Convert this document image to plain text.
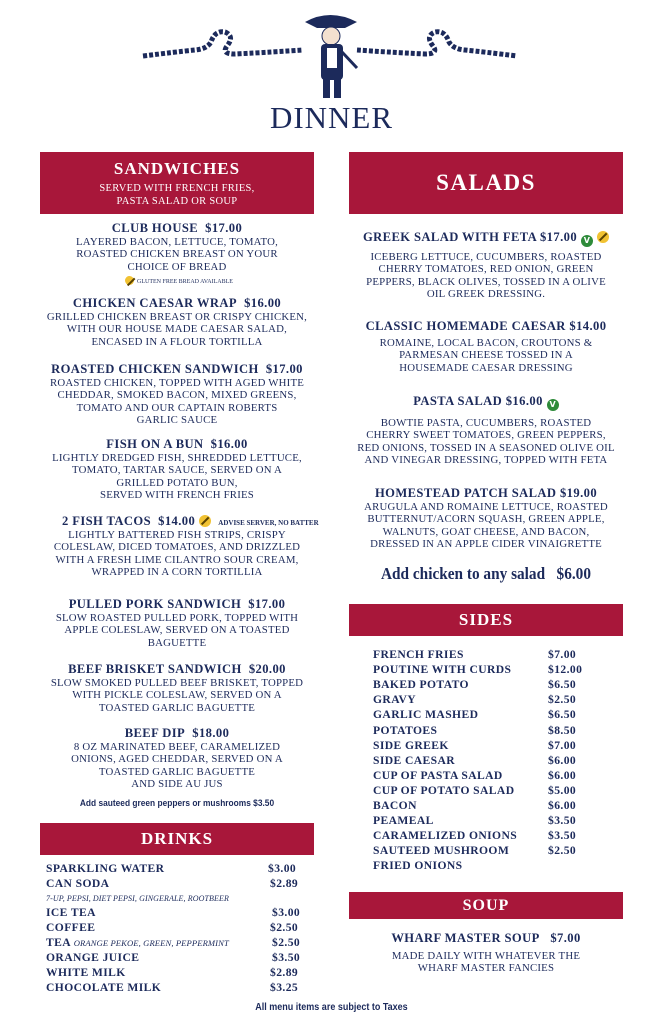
DINNER
SANDWICHES
SERVED WITH FRENCH FRIES,
PASTA SALAD OR SOUP
CLUB HOUSE $17.00
LAYERED BACON, LETTUCE, TOMATO,
ROASTED CHICKEN BREAST ON YOUR
CHOICE OF BREAD
GLUTEN FREE BREAD AVAILABLE
CHICKEN CAESAR WRAP $16.00
GRILLED CHICKEN BREAST OR CRISPY CHICKEN,
WITH OUR HOUSE MADE CAESAR SALAD,
ENCASED IN A FLOUR TORTILLA
ROASTED CHICKEN SANDWICH $17.00
ROASTED CHICKEN, TOPPED WITH AGED WHITE
CHEDDAR, SMOKED BACON, MIXED GREENS,
TOMATO AND OUR CAPTAIN ROBERTS
GARLIC SAUCE
FISH ON A BUN $16.00
LIGHTLY DREDGED FISH, SHREDDED LETTUCE,
TOMATO, TARTAR SAUCE, SERVED ON A
GRILLED POTATO BUN,
SERVED WITH FRENCH FRIES
2 FISH TACOS $14.00	ADVISE SERVER, NO BATTER
LIGHTLY BATTERED FISH STRIPS, CRISPY
COLESLAW, DICED TOMATOES, AND DRIZZLED
WITH A FRESH LIME CILANTRO SOUR CREAM,
WRAPPED IN A CORN TORTILLIA
PULLED PORK SANDWICH $17.00
SLOW ROASTED PULLED PORK, TOPPED WITH
APPLE COLESLAW, SERVED ON A TOASTED
BAGUETTE
BEEF BRISKET SANDWICH $20.00
SLOW SMOKED PULLED BEEF BRISKET, TOPPED
WITH PICKLE COLESLAW, SERVED ON A
TOASTED GARLIC BAGUETTE
BEEF DIP $18.00
8 OZ MARINATED BEEF, CARAMELIZED
ONIONS, AGED CHEDDAR, SERVED ON A
TOASTED GARLIC BAGUETTE
AND SIDE AU JUS
Add sauteed green peppers or mushrooms $3.50
DRINKS
SPARKLING WATER	$3.00
CAN SODA	$2.89
7-UP, PEPSI, DIET PEPSI, GINGERALE, ROOTBEER
ICE TEA	$3.00
COFFEE	$2.50
TEA ORANGE PEKOE, GREEN, PEPPERMINT	$2.50
ORANGE JUICE	$3.50
WHITE MILK	$2.89
CHOCOLATE MILK	$3.25
SALADS
GREEK SALAD WITH FETA $17.00 V
ICEBERG LETTUCE, CUCUMBERS, ROASTED
CHERRY TOMATOES, RED ONION, GREEN
PEPPERS, BLACK OLIVES, TOSSED IN A OLIVE
OIL GREEK DRESSING.
CLASSIC HOMEMADE CAESAR $14.00
ROMAINE, LOCAL BACON, CROUTONS &
PARMESAN CHEESE TOSSED IN A
HOUSEMADE CAESAR DRESSING
PASTA SALAD $16.00 V
BOWTIE PASTA, CUCUMBERS, ROASTED
CHERRY SWEET TOMATOES, GREEN PEPPERS,
RED ONIONS, TOSSED IN A SEASONED OLIVE OIL
AND VINEGAR DRESSING, TOPPED WITH FETA
HOMESTEAD PATCH SALAD $19.00
ARUGULA AND ROMAINE LETTUCE, ROASTED
BUTTERNUT/ACORN SQUASH, GREEN APPLE,
WALNUTS, GOAT CHEESE, AND BACON,
DRESSED IN AN APPLE CIDER VINAIGRETTE
Add chicken to any salad   $6.00
SIDES
FRENCH FRIES	$7.00
POUTINE WITH CURDS	$12.00
BAKED POTATO	$6.50
GRAVY	$2.50
GARLIC MASHED	$6.50
POTATOES	$8.50
SIDE GREEK	$7.00
SIDE CAESAR	$6.00
CUP OF PASTA SALAD	$6.00
CUP OF POTATO SALAD	$5.00
BACON	$6.00
PEAMEAL	$3.50
CARAMELIZED ONIONS	$3.50
SAUTEED MUSHROOM	$2.50
FRIED ONIONS
SOUP
WHARF MASTER SOUP $7.00
MADE DAILY WITH WHATEVER THE
WHARF MASTER FANCIES
All menu items are subject to Taxes
